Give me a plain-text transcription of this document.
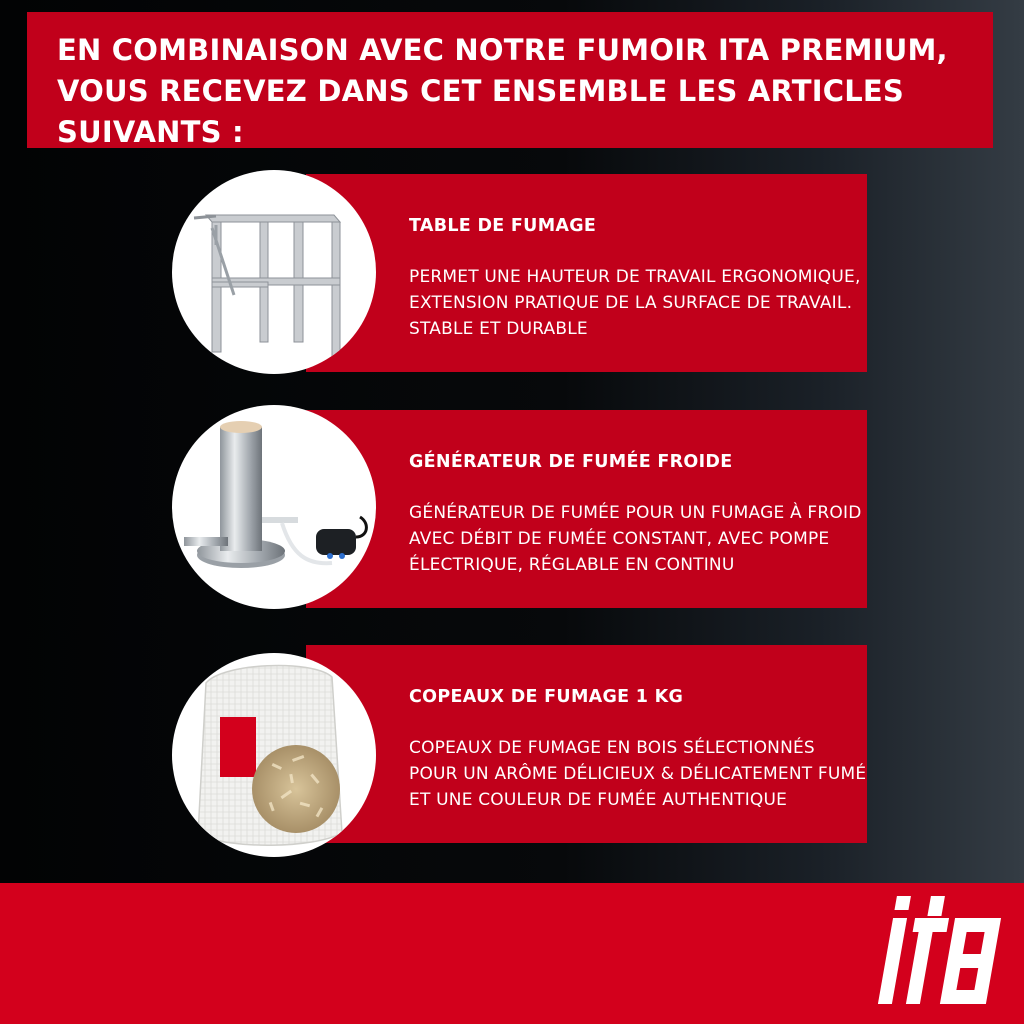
EN COMBINAISON AVEC NOTRE FUMOIR ITA PREMIUM, VOUS RECEVEZ DANS CET ENSEMBLE LES ARTICLES SUIVANTS :

TABLE DE FUMAGE

PERMET UNE HAUTEUR DE TRAVAIL ERGONOMIQUE, EXTENSION PRATIQUE DE LA SURFACE DE TRAVAIL. STABLE ET DURABLE

GÉNÉRATEUR DE FUMÉE FROIDE

GÉNÉRATEUR DE FUMÉE POUR UN FUMAGE À FROID AVEC DÉBIT DE FUMÉE CONSTANT, AVEC POMPE ÉLECTRIQUE, RÉGLABLE EN CONTINU

COPEAUX DE FUMAGE 1 KG

COPEAUX DE FUMAGE EN BOIS SÉLECTIONNÉS POUR UN ARÔME DÉLICIEUX & DÉLICATEMENT FUMÉ ET UNE COULEUR DE FUMÉE AUTHENTIQUE
